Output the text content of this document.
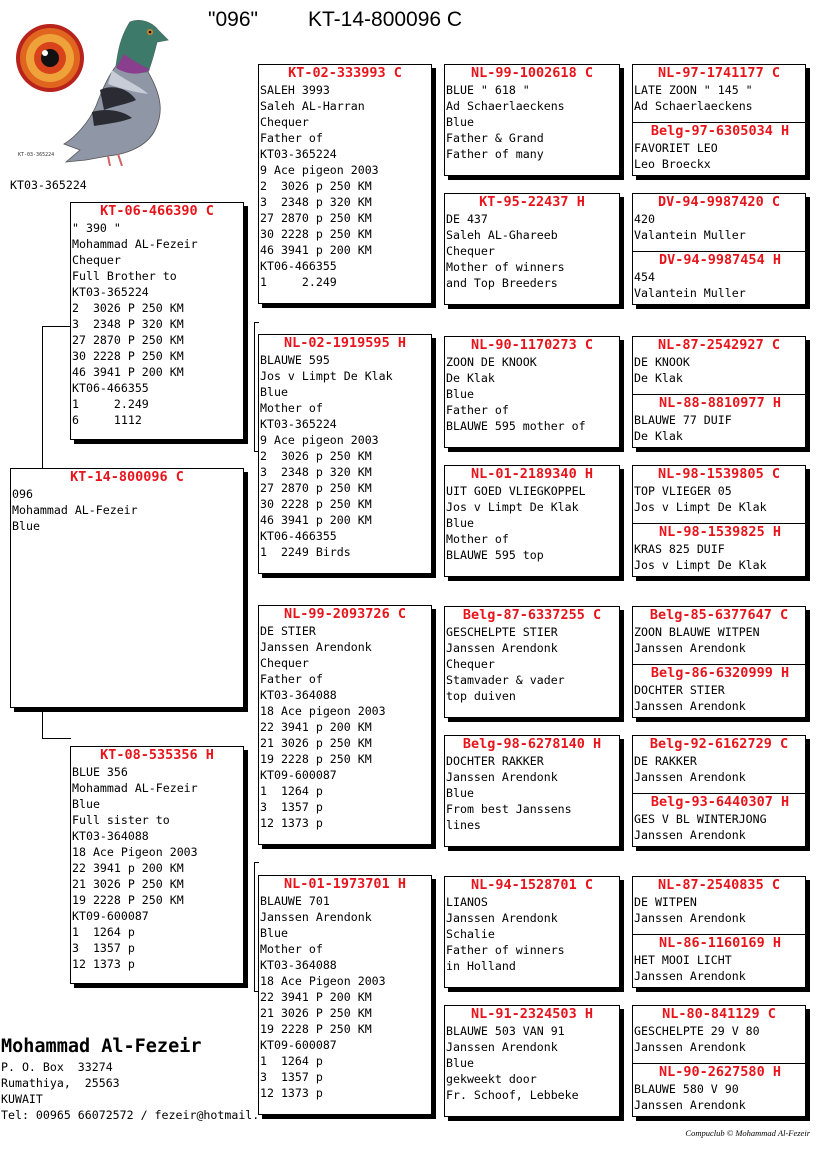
"096" KT-14-800096 C
KT-03-365224
KT03-365224
KT-14-800096 C
096
Mohammad AL-Fezeir
Blue
KT-06-466390 C
" 390 "
Mohammad AL-Fezeir
Chequer
Full Brother to
KT03-365224
2  3026 P 250 KM
3  2348 P 320 KM
27 2870 P 250 KM
30 2228 P 250 KM
46 3941 P 200 KM
KT06-466355
1     2.249
6     1112
KT-08-535356 H
BLUE 356
Mohammad AL-Fezeir
Blue
Full sister to
KT03-364088
18 Ace Pigeon 2003
22 3941 p 200 KM
21 3026 P 250 KM
19 2228 P 250 KM
KT09-600087
1  1264 p
3  1357 p
12 1373 p
KT-02-333993 C
SALEH 3993
Saleh AL-Harran
Chequer
Father of
KT03-365224
9 Ace pigeon 2003
2  3026 p 250 KM
3  2348 p 320 KM
27 2870 p 250 KM
30 2228 p 250 KM
46 3941 p 200 KM
KT06-466355
1     2.249
NL-02-1919595 H
BLAUWE 595
Jos v Limpt De Klak
Blue
Mother of
KT03-365224
9 Ace pigeon 2003
2  3026 p 250 KM
3  2348 p 320 KM
27 2870 p 250 KM
30 2228 p 250 KM
46 3941 p 200 KM
KT06-466355
1  2249 Birds
NL-99-2093726 C
DE STIER
Janssen Arendonk
Chequer
Father of
KT03-364088
18 Ace pigeon 2003
22 3941 p 200 KM
21 3026 p 250 KM
19 2228 p 250 KM
KT09-600087
1  1264 p
3  1357 p
12 1373 p
NL-01-1973701 H
BLAUWE 701
Janssen Arendonk
Blue
Mother of
KT03-364088
18 Ace Pigeon 2003
22 3941 P 200 KM
21 3026 P 250 KM
19 2228 P 250 KM
KT09-600087
1  1264 p
3  1357 p
12 1373 p
NL-99-1002618 C
BLUE " 618 "
Ad Schaerlaeckens
Blue
Father & Grand
Father of many
KT-95-22437 H
DE 437
Saleh AL-Ghareeb
Chequer
Mother of winners
and Top Breeders
NL-90-1170273 C
ZOON DE KNOOK
De Klak
Blue
Father of
BLAUWE 595 mother of
NL-01-2189340 H
UIT GOED VLIEGKOPPEL
Jos v Limpt De Klak
Blue
Mother of
BLAUWE 595 top
Belg-87-6337255 C
GESCHELPTE STIER
Janssen Arendonk
Chequer
Stamvader & vader
top duiven
Belg-98-6278140 H
DOCHTER RAKKER
Janssen Arendonk
Blue
From best Janssens
lines
NL-94-1528701 C
LIANOS
Janssen Arendonk
Schalie
Father of winners
in Holland
NL-91-2324503 H
BLAUWE 503 VAN 91
Janssen Arendonk
Blue
gekweekt door
Fr. Schoof, Lebbeke
NL-97-1741177 C
LATE ZOON " 145 "
Ad Schaerlaeckens
Belg-97-6305034 H
FAVORIET LEO
Leo Broeckx
DV-94-9987420 C
420
Valantein Muller
DV-94-9987454 H
454
Valantein Muller
NL-87-2542927 C
DE KNOOK
De Klak
NL-88-8810977 H
BLAUWE 77 DUIF
De Klak
NL-98-1539805 C
TOP VLIEGER 05
Jos v Limpt De Klak
NL-98-1539825 H
KRAS 825 DUIF
Jos v Limpt De Klak
Belg-85-6377647 C
ZOON BLAUWE WITPEN
Janssen Arendonk
Belg-86-6320999 H
DOCHTER STIER
Janssen Arendonk
Belg-92-6162729 C
DE RAKKER
Janssen Arendonk
Belg-93-6440307 H
GES V BL WINTERJONG
Janssen Arendonk
NL-87-2540835 C
DE WITPEN
Janssen Arendonk
NL-86-1160169 H
HET MOOI LICHT
Janssen Arendonk
NL-80-841129 C
GESCHELPTE 29 V 80
Janssen Arendonk
NL-90-2627580 H
BLAUWE 580 V 90
Janssen Arendonk
Mohammad Al-Fezeir
P. O. Box  33274
Rumathiya,  25563
KUWAIT
Tel: 00965 66072572 / fezeir@hotmail.
Compuclub © Mohammad Al-Fezeir
